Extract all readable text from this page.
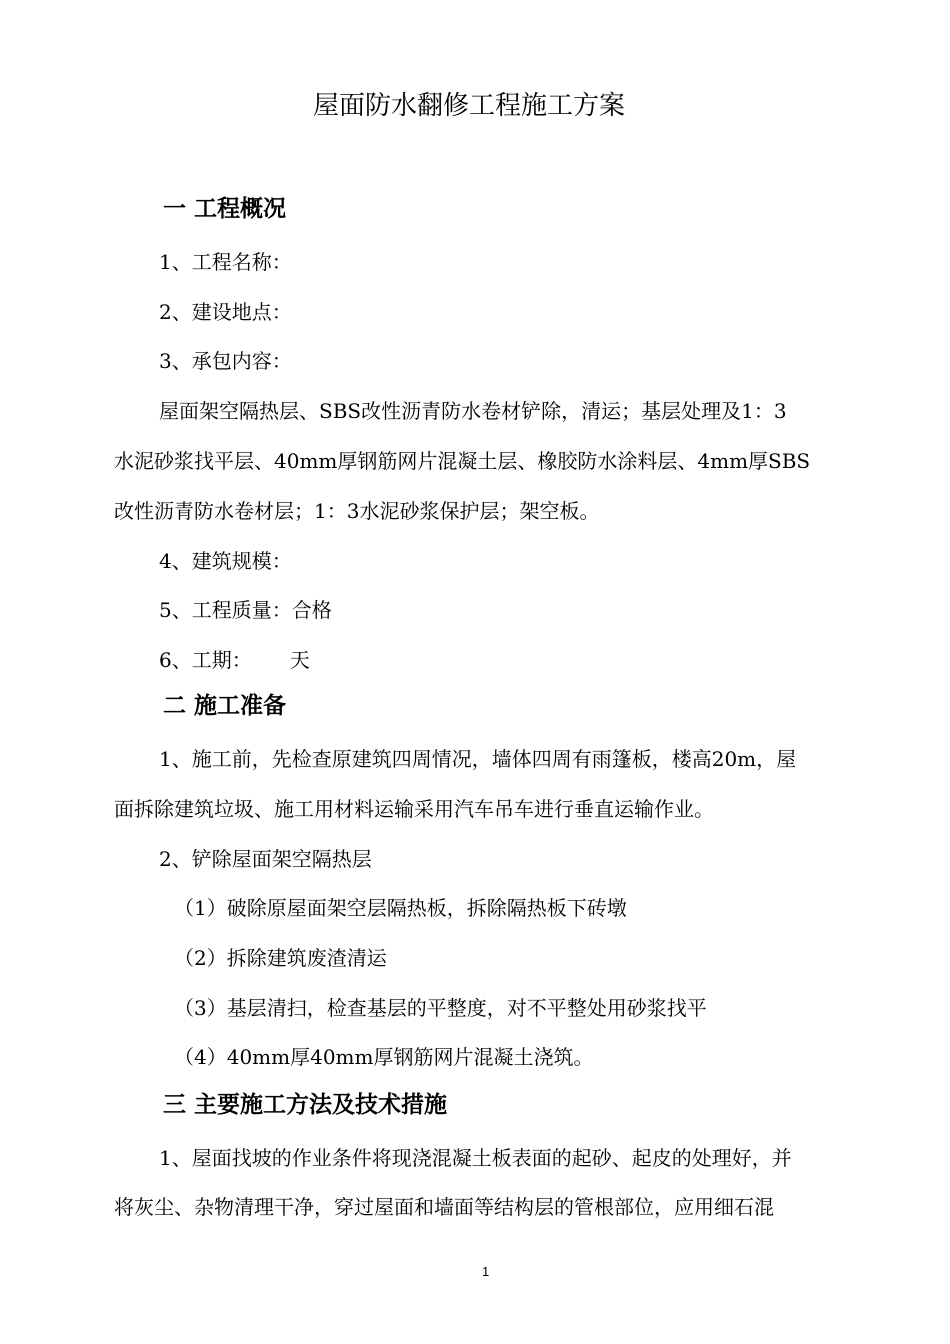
屋面防水翻修工程施工方案
一 工程概况
1、工程名称：
2、建设地点：
3、承包内容：
屋面架空隔热层、SBS改性沥青防水卷材铲除，清运；基层处理及1：3
水泥砂浆找平层、40mm厚钢筋网片混凝土层、橡胶防水涂料层、4mm厚SBS
改性沥青防水卷材层；1：3水泥砂浆保护层；架空板。
4、建筑规模：
5、工程质量：合格
6、工期：      天
二 施工准备
1、施工前，先检查原建筑四周情况，墙体四周有雨篷板，楼高20m，屋
面拆除建筑垃圾、施工用材料运输采用汽车吊车进行垂直运输作业。
2、铲除屋面架空隔热层
（1）破除原屋面架空层隔热板，拆除隔热板下砖墩
（2）拆除建筑废渣清运
（3）基层清扫，检查基层的平整度，对不平整处用砂浆找平
（4）40mm厚40mm厚钢筋网片混凝土浇筑。
三 主要施工方法及技术措施
1、屋面找坡的作业条件将现浇混凝土板表面的起砂、起皮的处理好，并
将灰尘、杂物清理干净，穿过屋面和墙面等结构层的管根部位，应用细石混
1
